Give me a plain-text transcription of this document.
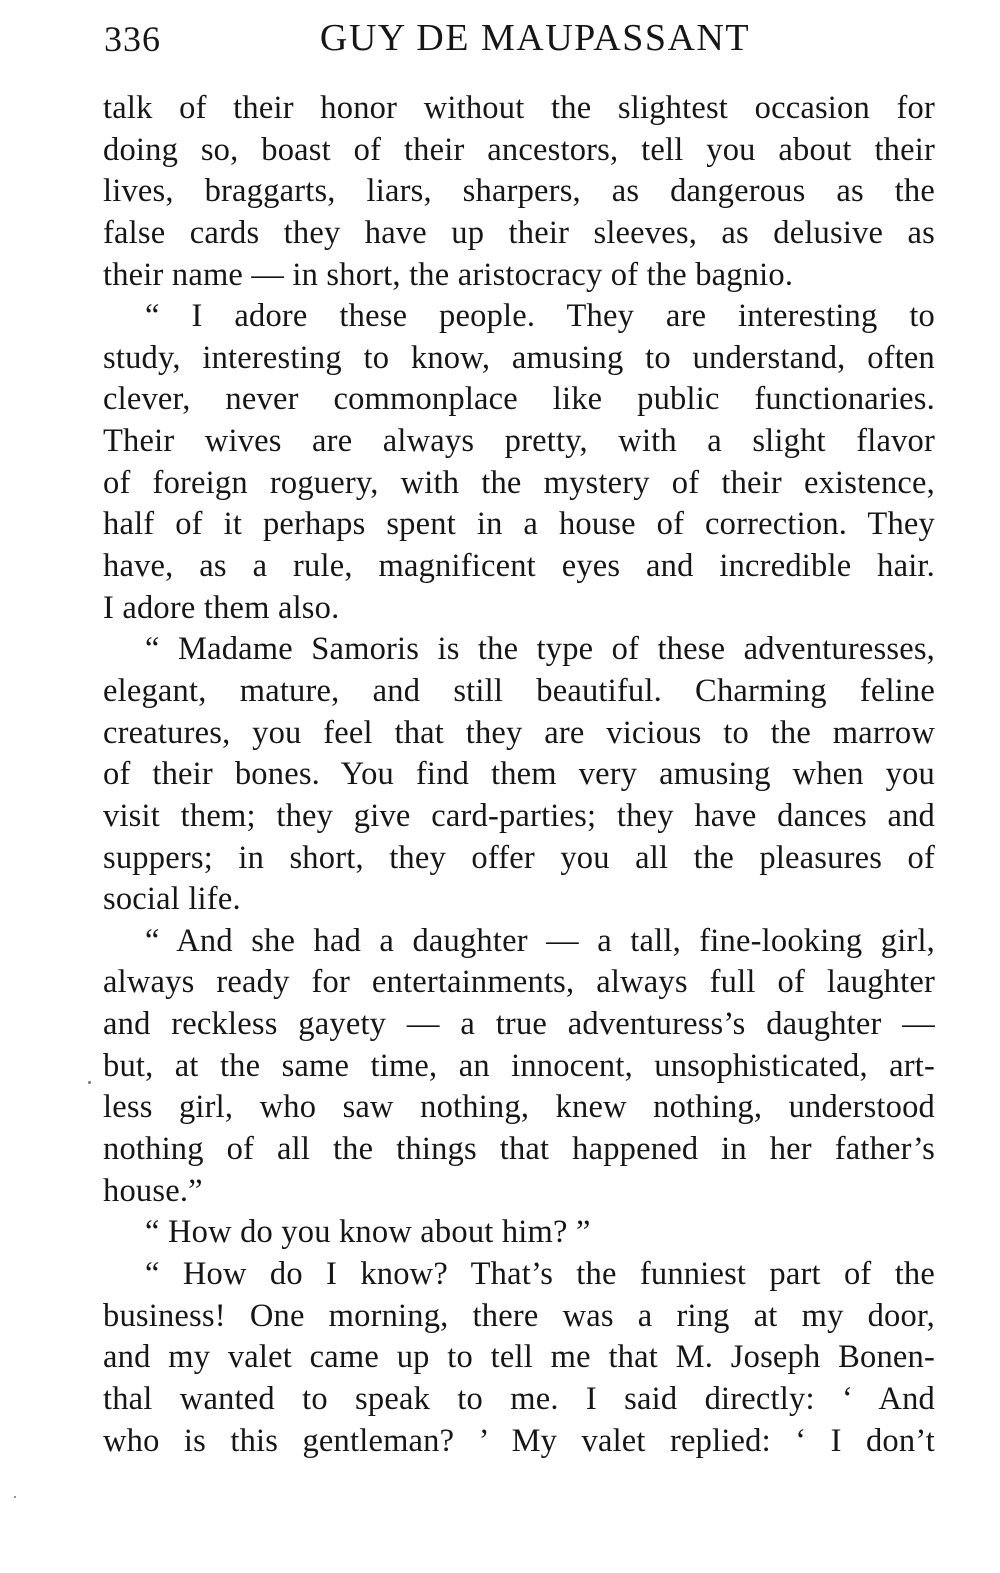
336	GUY DE MAUPASSANT
talk of their honor without the slightest occasion for
doing so, boast of their ancestors, tell you about their
lives, braggarts, liars, sharpers, as dangerous as the
false cards they have up their sleeves, as delusive as
their name — in short, the aristocracy of the bagnio.
“ I adore these people. They are interesting to
study, interesting to know, amusing to understand, often
clever, never commonplace like public functionaries.
Their wives are always pretty, with a slight flavor
of foreign roguery, with the mystery of their existence,
half of it perhaps spent in a house of correction. They
have, as a rule, magnificent eyes and incredible hair.
I adore them also.
“ Madame Samoris is the type of these adventuresses,
elegant, mature, and still beautiful. Charming feline
creatures, you feel that they are vicious to the marrow
of their bones. You find them very amusing when you
visit them; they give card-parties; they have dances and
suppers; in short, they offer you all the pleasures of
social life.
“ And she had a daughter — a tall, fine-looking girl,
always ready for entertainments, always full of laughter
and reckless gayety — a true adventuress’s daughter —
but, at the same time, an innocent, unsophisticated, art-
less girl, who saw nothing, knew nothing, understood
nothing of all the things that happened in her father’s
house.”
“ How do you know about him? ”
“ How do I know? That’s the funniest part of the
business! One morning, there was a ring at my door,
and my valet came up to tell me that M. Joseph Bonen-
thal wanted to speak to me. I said directly: ‘ And
who is this gentleman? ’ My valet replied: ‘ I don’t
